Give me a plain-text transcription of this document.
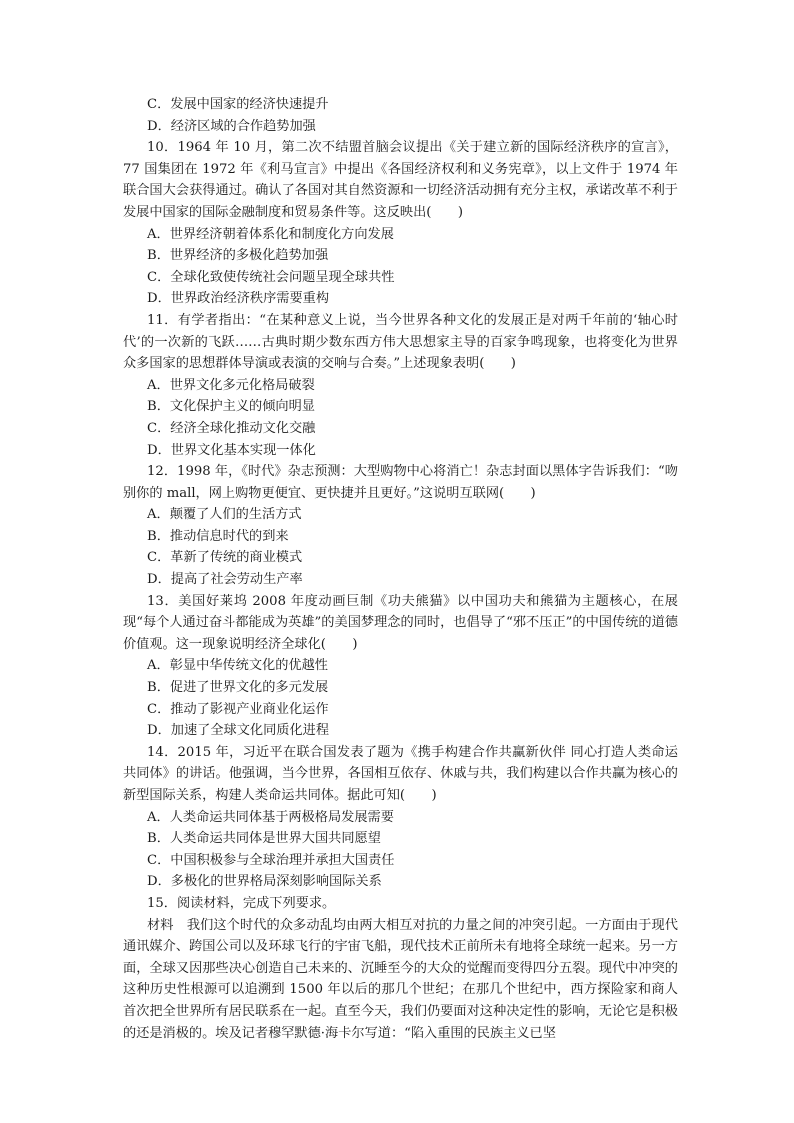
C．发展中国家的经济快速提升
D．经济区域的合作趋势加强

10．1964 年 10 月，第二次不结盟首脑会议提出《关于建立新的国际经济秩序的宣言》，77 国集团在 1972 年《利马宣言》中提出《各国经济权利和义务宪章》，以上文件于 1974 年联合国大会获得通过。确认了各国对其自然资源和一切经济活动拥有充分主权，承诺改革不利于发展中国家的国际金融制度和贸易条件等。这反映出(　　)

A．世界经济朝着体系化和制度化方向发展
B．世界经济的多极化趋势加强
C．全球化致使传统社会问题呈现全球共性
D．世界政治经济秩序需要重构

11．有学者指出：“在某种意义上说，当今世界各种文化的发展正是对两千年前的‘轴心时代’的一次新的飞跃……古典时期少数东西方伟大思想家主导的百家争鸣现象，也将变化为世界众多国家的思想群体导演或表演的交响与合奏。”上述现象表明(　　)

A．世界文化多元化格局破裂
B．文化保护主义的倾向明显
C．经济全球化推动文化交融
D．世界文化基本实现一体化

12．1998 年，《时代》杂志预测：大型购物中心将消亡！杂志封面以黑体字告诉我们：“吻别你的 mall，网上购物更便宜、更快捷并且更好。”这说明互联网(　　)

A．颠覆了人们的生活方式
B．推动信息时代的到来
C．革新了传统的商业模式
D．提高了社会劳动生产率

13．美国好莱坞 2008 年度动画巨制《功夫熊猫》以中国功夫和熊猫为主题核心，在展现“每个人通过奋斗都能成为英雄”的美国梦理念的同时，也倡导了“邪不压正”的中国传统的道德价值观。这一现象说明经济全球化(　　)

A．彰显中华传统文化的优越性
B．促进了世界文化的多元发展
C．推动了影视产业商业化运作
D．加速了全球文化同质化进程

14．2015 年，习近平在联合国发表了题为《携手构建合作共赢新伙伴 同心打造人类命运共同体》的讲话。他强调，当今世界，各国相互依存、休戚与共，我们构建以合作共赢为核心的新型国际关系，构建人类命运共同体。据此可知(　　)

A．人类命运共同体基于两极格局发展需要
B．人类命运共同体是世界大国共同愿望
C．中国积极参与全球治理并承担大国责任
D．多极化的世界格局深刻影响国际关系

15．阅读材料，完成下列要求。

材料　我们这个时代的众多动乱均由两大相互对抗的力量之间的冲突引起。一方面由于现代通讯媒介、跨国公司以及环球飞行的宇宙飞船，现代技术正前所未有地将全球统一起来。另一方面，全球又因那些决心创造自己未来的、沉睡至今的大众的觉醒而变得四分五裂。现代中冲突的这种历史性根源可以追溯到 1500 年以后的那几个世纪；在那几个世纪中，西方探险家和商人首次把全世界所有居民联系在一起。直至今天，我们仍要面对这种决定性的影响，无论它是积极的还是消极的。埃及记者穆罕默德·海卡尔写道：“陷入重围的民族主义已坚
